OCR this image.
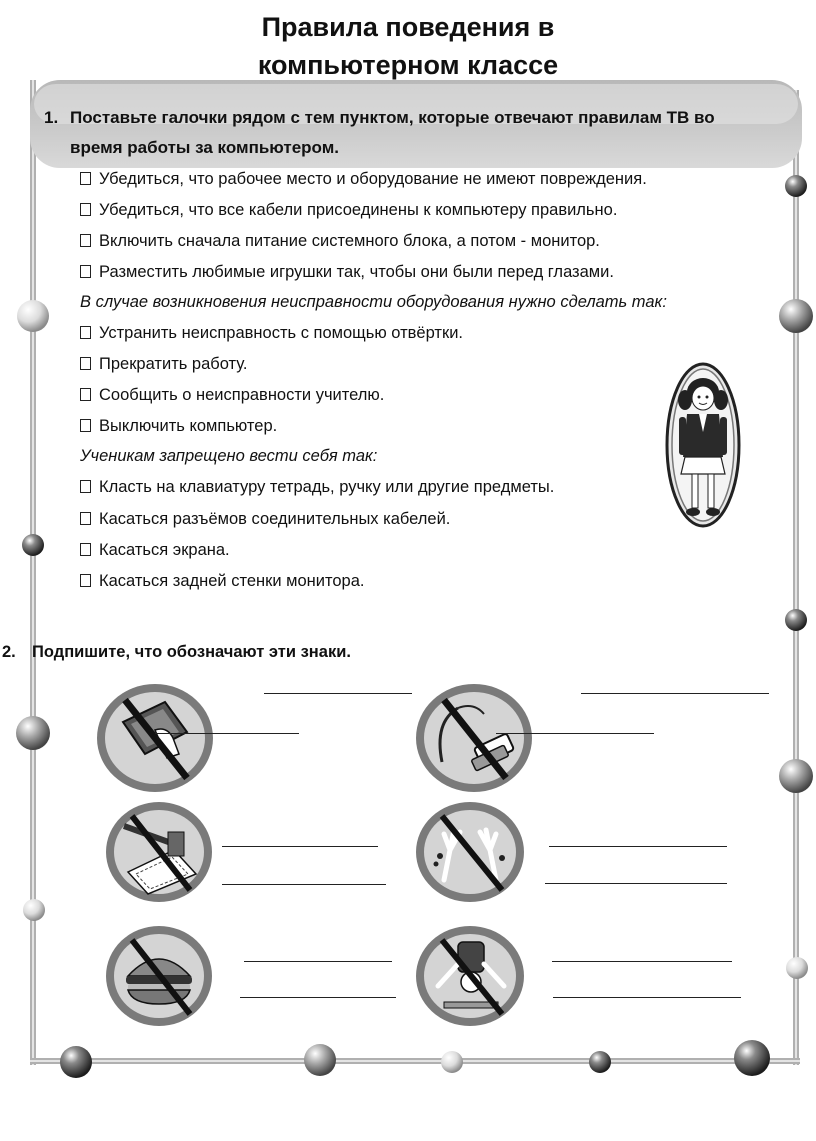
Правила поведения в
компьютерном классе
1. Поставьте галочки рядом с тем пунктом, которые отвечают правилам ТВ во
время работы за компьютером.
Убедиться, что рабочее место и оборудование не имеют повреждения.
Убедиться, что все кабели присоединены к компьютеру правильно.
Включить сначала питание системного блока, а потом - монитор.
Разместить любимые игрушки так, чтобы они были перед глазами.
В случае возникновения неисправности оборудования нужно сделать так:
Устранить неисправность с помощью отвёртки.
Прекратить работу.
Сообщить о неисправности учителю.
Выключить компьютер.
Ученикам запрещено вести себя так:
Класть на клавиатуру тетрадь, ручку или другие предметы.
Касаться разъёмов соединительных кабелей.
Касаться экрана.
Касаться задней стенки монитора.
2. Подпишите, что обозначают эти знаки.
